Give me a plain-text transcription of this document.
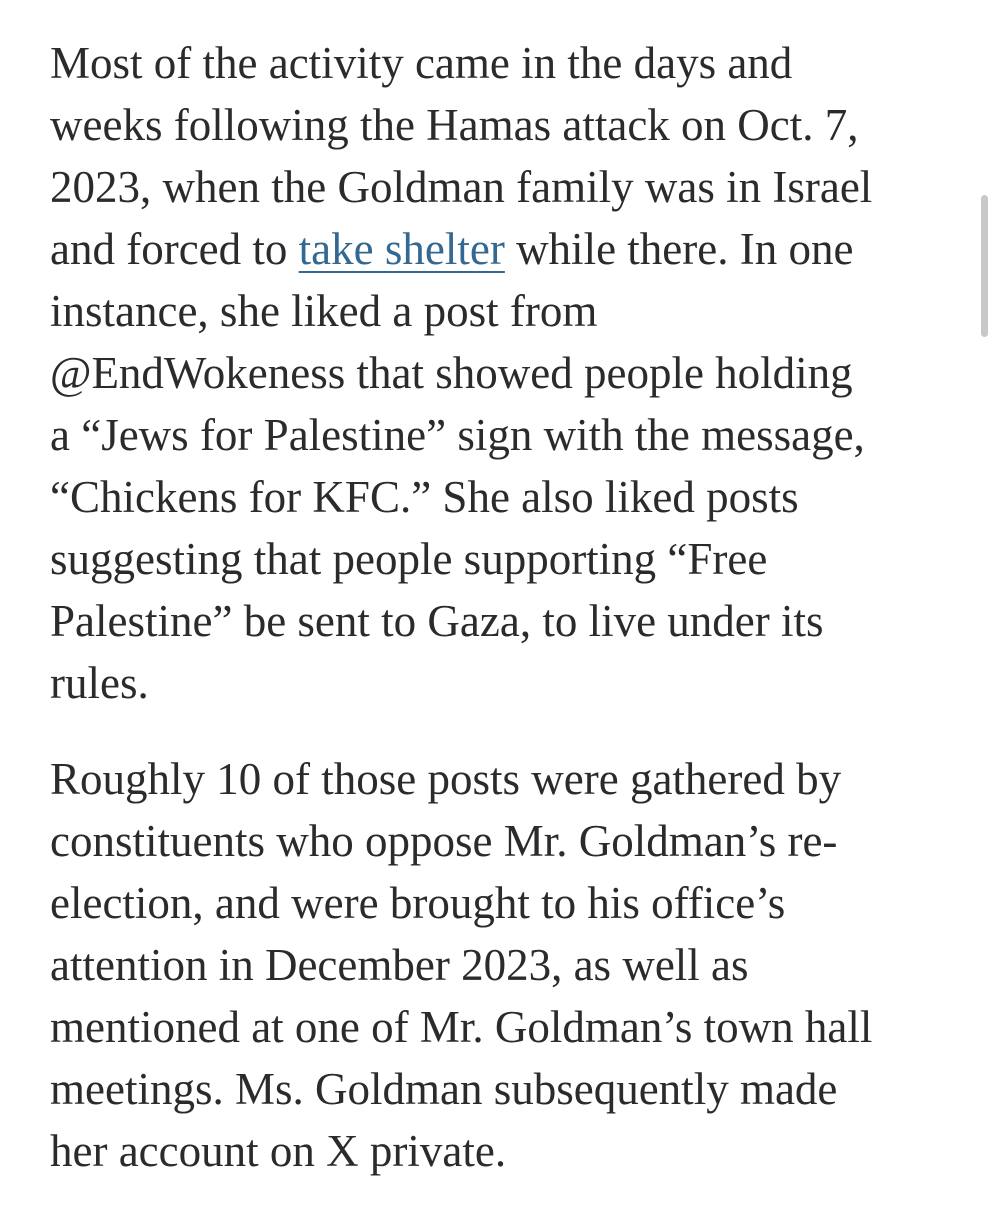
Most of the activity came in the days and
weeks following the Hamas attack on Oct. 7,
2023, when the Goldman family was in Israel
and forced to take shelter while there. In one
instance, she liked a post from
@EndWokeness that showed people holding
a “Jews for Palestine” sign with the message,
“Chickens for KFC.” She also liked posts
suggesting that people supporting “Free
Palestine” be sent to Gaza, to live under its
rules.

Roughly 10 of those posts were gathered by
constituents who oppose Mr. Goldman’s re-
election, and were brought to his office’s
attention in December 2023, as well as
mentioned at one of Mr. Goldman’s town hall
meetings. Ms. Goldman subsequently made
her account on X private.
